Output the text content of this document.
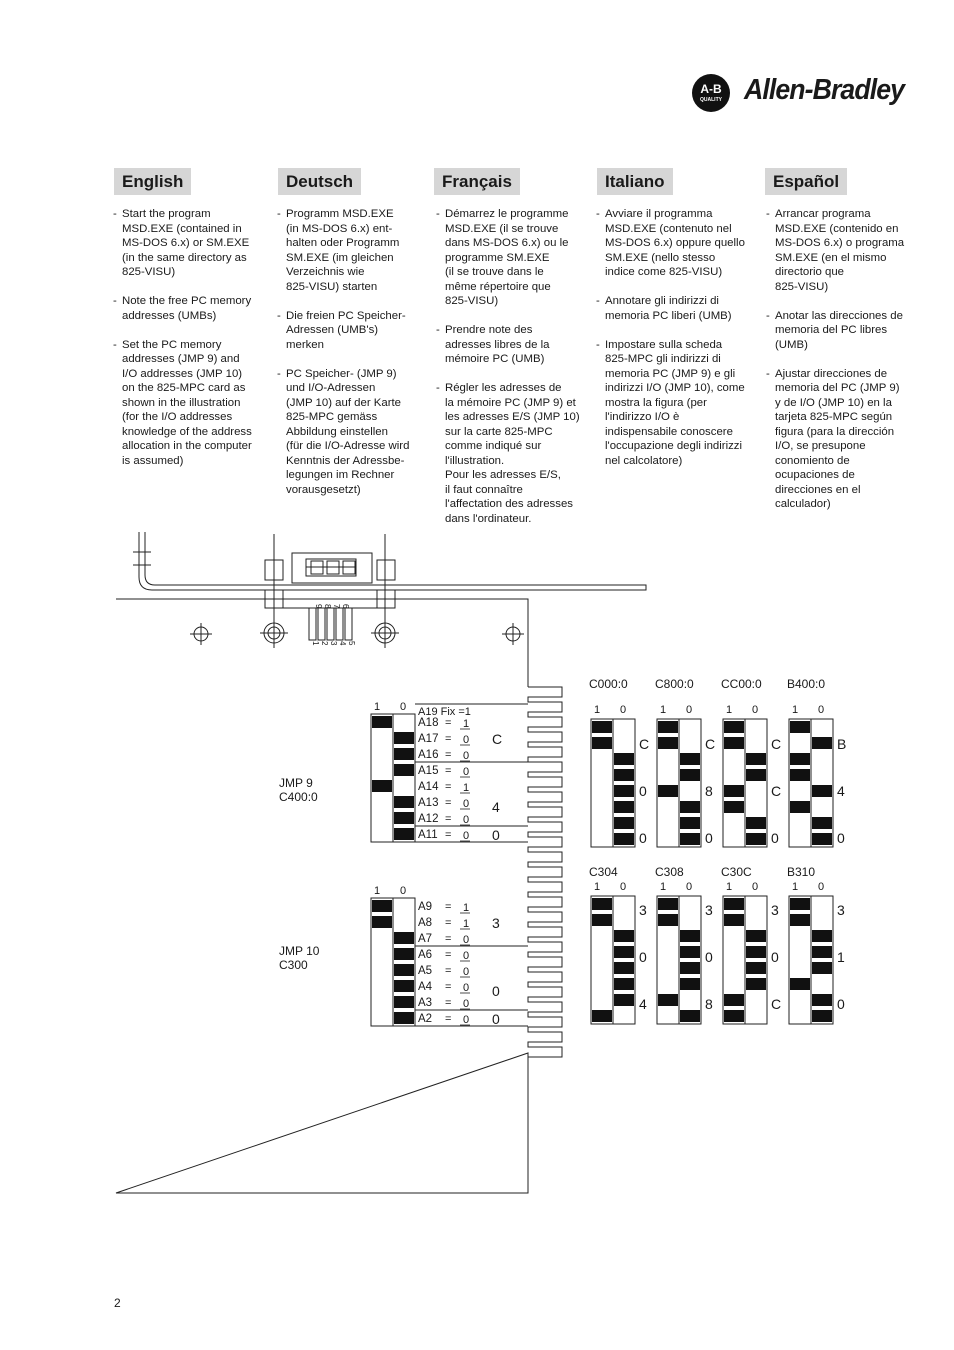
A-B
QUALITY Allen-Bradley
English
- Start the program
MSD.EXE (contained in
MS-DOS 6.x) or SM.EXE
(in the same directory as
825-VISU)
- Note the free PC memory
addresses (UMBs)
- Set the PC memory
addresses (JMP 9) and
I/O addresses (JMP 10)
on the 825-MPC card as
shown in the illustration
(for the I/O addresses
knowledge of the address
allocation in the computer
is assumed)
Deutsch
- Programm MSD.EXE
(in MS-DOS 6.x) ent-
halten oder Programm
SM.EXE (im gleichen
Verzeichnis wie
825-VISU) starten
- Die freien PC Speicher-
Adressen (UMB's)
merken
- PC Speicher- (JMP 9)
und I/O-Adressen
(JMP 10) auf der Karte
825-MPC gemäss
Abbildung einstellen
(für die I/O-Adresse wird
Kenntnis der Adressbe-
legungen im Rechner
vorausgesetzt)
Français
- Démarrez le programme
MSD.EXE (il se trouve
dans MS-DOS 6.x) ou le
programme SM.EXE
(il se trouve dans le
même répertoire que
825-VISU)
- Prendre note des
adresses libres de la
mémoire PC (UMB)
- Régler les adresses de
la mémoire PC (JMP 9) et
les adresses E/S (JMP 10)
sur la carte 825-MPC
comme indiqué sur
l'illustration.
Pour les adresses E/S,
il faut connaître
l'affectation des adresses
dans l'ordinateur.
Italiano
- Avviare il programma
MSD.EXE (contenuto nel
MS-DOS 6.x) oppure quello
SM.EXE (nello stesso
indice come 825-VISU)
- Annotare gli indirizzi di
memoria PC liberi (UMB)
- Impostare sulla scheda
825-MPC gli indirizzi di
memoria PC (JMP 9) e gli
indirizzi I/O (JMP 10), come
mostra la figura (per
l'indirizzo I/O è
indispensabile conoscere
l'occupazione degli indirizzi
nel calcolatore)
Español
- Arrancar programa
MSD.EXE (contenido en
MS-DOS 6.x) o programa
SM.EXE (en el mismo
directorio que
825-VISU)
- Anotar las direcciones de
memoria del PC libres
(UMB)
- Ajustar direcciones de
memoria del PC (JMP 9)
y de I/O (JMP 10) en la
tarjeta 825-MPC según
figura (para la dirección
I/O, se presupone
conomiento de
ocupaciones de
direcciones en el
calculador)
9 8 7 6
5
4
3
2
1
1 0 A19 Fix =1
A18 = 1
A17 = 0
A16 = 0
A15 = 0
A14 = 1
A13 = 0
A12 = 0
A11 = 0
C
4
0
JMP 9
C400:0
1 0
A9 = 1
A8 = 1
A7 = 0
A6 = 0
A5 = 0
A4 = 0
A3 = 0
A2 = 0
3
0
0
JMP 10
C300
C000:0
1 0
C
0
0
C800:0
1 0
C
8
0
CC00:0
1 0
C
C
0
B400:0
1 0
B
4
0
C304
1 0
3
0
4
C308
1 0
3
0
8
C30C
1 0
3
0
C
B310
1 0
3
1
0
2
